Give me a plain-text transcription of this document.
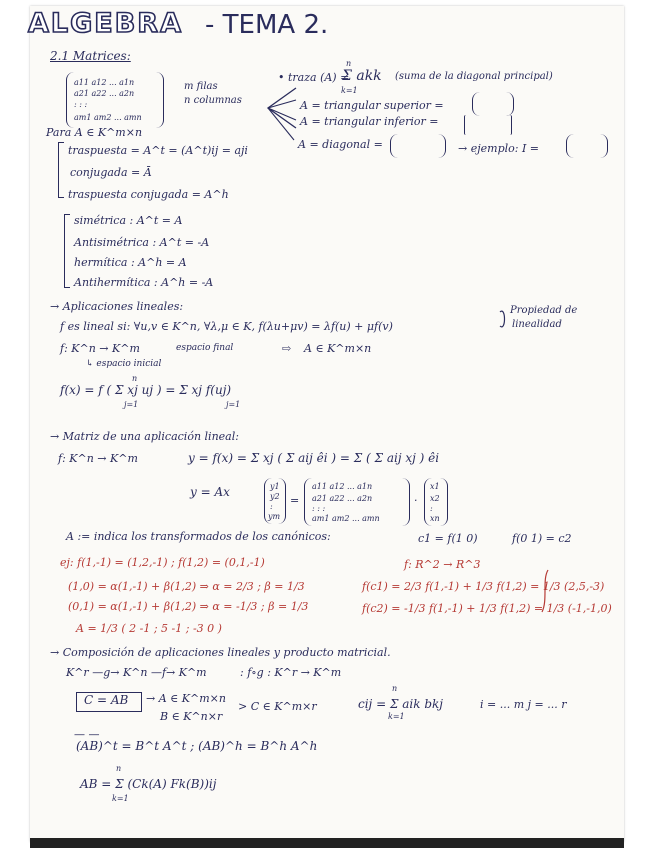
ALGEBRA - TEMA 2.
2.1 Matrices:
a11 a12 ... a1n
a21 a22 ... a2n
: : :
am1 am2 ... amn
m filas
n columnas
• traza (A) =
n
Σ akk
k=1
(suma de la diagonal principal)
A = triangular superior =
A = triangular inferior =
A = diagonal =	→ ejemplo: I =
Para A ∈ K^m×n
traspuesta = A^t = (A^t)ij = aji
conjugada = Ā
traspuesta conjugada = A^h
simétrica : A^t = A
Antisimétrica : A^t = -A
hermítica : A^h = A
Antihermítica : A^h = -A
→ Aplicaciones lineales:
f es lineal si: ∀u,v ∈ K^n, ∀λ,μ ∈ K, f(λu+μv) = λf(u) + μf(v)
Propiedad de
linealidad
f: K^n → K^m	espacio final	⇨ A ∈ K^m×n
↳ espacio inicial
f(x) = f ( Σ xj uj ) = Σ xj f(uj)
n
j=1	j=1
→ Matriz de una aplicación lineal:
f: K^n → K^m	y = f(x) = Σ xj ( Σ aij êi ) = Σ ( Σ aij xj ) êi
y = Ax	y1
y2
:
ym
=
a11 a12 ... a1n
a21 a22 ... a2n
: : :
am1 am2 ... amn
·
x1
x2
:
xn
A := indica los transformados de los canónicos:	c1 = f(1 0)	f(0 1) = c2
ej: f(1,-1) = (1,2,-1) ; f(1,2) = (0,1,-1)	f: R^2 → R^3
(1,0) = α(1,-1) + β(1,2) ⇒ α = 2/3 ; β = 1/3	f(c1) = 2/3 f(1,-1) + 1/3 f(1,2) = 1/3 (2,5,-3)
(0,1) = α(1,-1) + β(1,2) ⇒ α = -1/3 ; β = 1/3	f(c2) = -1/3 f(1,-1) + 1/3 f(1,2) = 1/3 (-1,-1,0)
A = 1/3 ( 2 -1 ; 5 -1 ; -3 0 )
→ Composición de aplicaciones lineales y producto matricial.
K^r —g→ K^n —f→ K^m	: f∘g : K^r → K^m
C = AB → A ∈ K^m×n
B ∈ K^n×r
> C ∈ K^m×r	cij = Σ aik bkj
n
k=1
i = ... m j = ... r
— —
(AB)^t = B^t A^t ; (AB)^h = B^h A^h
AB = Σ (Ck(A) Fk(B))ij
n
k=1
